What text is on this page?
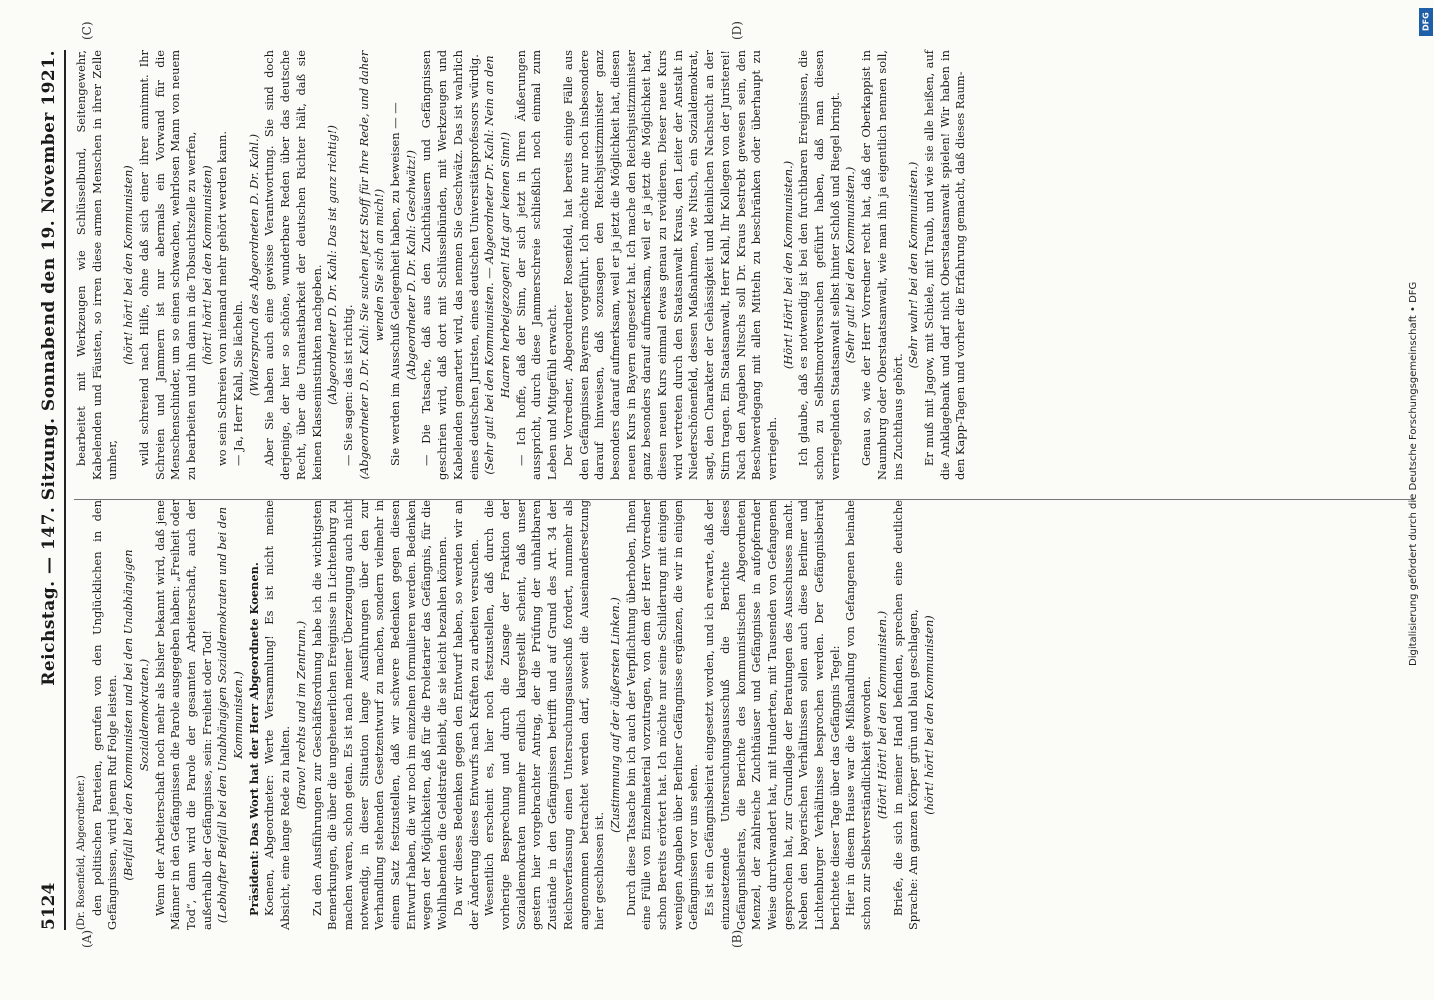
5124
Reichstag. — 147. Sitzung. Sonnabend den 19. November 1921.
(A)	(B)
(C)	(D)

(Dr. Rosenfeld, Abgeordneter.) den politischen Parteien, gerufen von den Unglücklichen in den Gefängnissen, wird jenem Ruf Folge leisten. (Beifall bei den Kommunisten und bei den Unabhängigen Sozialdemokraten.) Wenn der Arbeiterschaft noch mehr als bisher bekannt wird, daß jene Männer in den Gefängnissen die Parole ausgegeben haben: „Freiheit oder Tod“, dann wird die Parole der gesamten Arbeiterschaft, auch der außerhalb der Gefängnisse, sein: Freiheit oder Tod! (Lebhafter Beifall bei den Unabhängigen Sozialdemokraten und bei den Kommunisten.) Präsident: Das Wort hat der Herr Abgeordnete Koenen. Koenen, Abgeordneter: Werte Versammlung! Es ist nicht meine Absicht, eine lange Rede zu halten.

(Bravo! rechts und im Zentrum.) Zu den Ausführungen zur Geschäftsordnung habe ich die wichtigsten Bemerkungen, die über die ungeheuerlichen Ereignisse in Lichtenburg zu machen waren, schon getan. Es ist nach meiner Überzeugung auch nicht notwendig, in dieser Situation lange Ausführungen über den zur Verhandlung stehenden Gesetzentwurf zu machen, sondern vielmehr in einem Satz festzustellen, daß wir schwere Bedenken gegen diesen Entwurf haben, die wir noch im einzelnen formulieren werden. Bedenken wegen der Möglichkeiten, daß für die Proletarier das Gefängnis, für die Wohlhabenden die Geldstrafe bleibt, die sie leicht bezahlen können. Da wir dieses Bedenken gegen den Entwurf haben, so werden wir an der Änderung dieses Entwurfs nach Kräften zu arbeiten versuchen. Wesentlich erscheint es, hier noch festzustellen, daß durch die vorherige Besprechung und durch die Zusage der Fraktion der Sozialdemokraten nunmehr endlich klargestellt scheint, daß unser gestern hier vorgebrachter Antrag, der die Prüfung der unhaltbaren Zustände in den Gefängnissen betrifft und auf Grund des Art. 34 der Reichsverfassung einen Untersuchungsausschuß fordert, nunmehr als angenommen betrachtet werden darf, soweit die Auseinandersetzung hier geschlossen ist.

(Zustimmung auf der äußersten Linken.) Durch diese Tatsache bin ich auch der Verpflichtung überhoben, Ihnen eine Fülle von Einzelmaterial vorzutragen, von dem der Herr Vorredner schon Bereits erörtert hat. Ich möchte nur seine Schilderung mit einigen wenigen Angaben über Berliner Gefängnisse ergänzen, die wir in einigen Gefängnissen vor uns sehen. Es ist ein Gefängnisbeirat eingesetzt worden, und ich erwarte, daß der einzusetzende Untersuchungsausschuß die Berichte dieses Gefängnisbeirats, die Berichte des kommunistischen Abgeordneten Menzel, der zahlreiche Zuchthäuser und Gefängnisse in aufopfernder Weise durchwandert hat, mit Hunderten, mit Tausenden von Gefangenen gesprochen hat, zur Grundlage der Beratungen des Ausschusses macht. Neben den bayerischen Verhältnissen sollen auch diese Berliner und Lichtenburger Verhältnisse besprochen werden. Der Gefängnisbeirat berichtete dieser Tage über das Gefängnis Tegel: Hier in diesem Hause war die Mißhandlung von Gefangenen beinahe schon zur Selbstverständlichkeit geworden. (Hört! Hört! bei den Kommunisten.) Briefe, die sich in meiner Hand befinden, sprechen eine deutliche Sprache: Am ganzen Körper grün und blau geschlagen, (hört! hört! bei den Kommunisten)

bearbeitet mit Werkzeugen wie Schlüsselbund, Seitengewehr, Kabelenden und Fäusten, so irren diese armen Menschen in ihrer Zelle umher,

(hört! hört! bei den Kommunisten) wild schreiend nach Hilfe, ohne daß sich einer ihrer annimmt. Ihr Schreien und Jammern ist nur abermals ein Vorwand für die Menschenschinder, um so einen schwachen, wehrlosen Mann von neuem zu bearbeiten und ihn dann in die Tobsuchtszelle zu werfen, (hört! hört! bei den Kommunisten) wo sein Schreien von niemand mehr gehört werden kann. — Ja, Herr Kahl, Sie lächeln. (Widerspruch des Abgeordneten D. Dr. Kahl.) Aber Sie haben auch eine gewisse Verantwortung. Sie sind doch derjenige, der hier so schöne, wunderbare Reden über das deutsche Recht, über die Unantastbarkeit der deutschen Richter hält, daß sie keinen Klasseninstinkten nachgeben. (Abgeordneter D. Dr. Kahl: Das ist ganz richtig!) — Sie sagen: das ist richtig. (Abgeordneter D. Dr. Kahl: Sie suchen jetzt Stoff für Ihre Rede, und daher wenden Sie sich an mich!) Sie werden im Ausschuß Gelegenheit haben, zu beweisen — — (Abgeordneter D. Dr. Kahl: Geschwätz!) — Die Tatsache, daß aus den Zuchthäusern und Gefängnissen geschrien wird, daß dort mit Schlüsselbünden, mit Werkzeugen und Kabelenden gemartert wird, das nennen Sie Geschwätz. Das ist wahrlich eines deutschen Juristen, eines deutschen Universitätsprofessors würdig. (Sehr gut! bei den Kommunisten. — Abgeordneter Dr. Kahl: Nein an den Haaren herbeigezogen! Hat gar keinen Sinn!) — Ich hoffe, daß der Sinn, der sich jetzt in Ihren Äußerungen ausspricht, durch diese Jammerschreie schließlich noch einmal zum Leben und Mitgefühl erwacht. Der Vorredner, Abgeordneter Rosenfeld, hat bereits einige Fälle aus den Gefängnissen Bayerns vorgeführt. Ich möchte nur noch insbesondere darauf hinweisen, daß sozusagen den Reichsjustizminister ganz besonders darauf aufmerksam, weil er ja jetzt die Möglichkeit hat, diesen neuen Kurs in Bayern eingesetzt hat. Ich mache den Reichsjustizminister ganz besonders darauf aufmerksam, weil er ja jetzt die Möglichkeit hat, diesen neuen Kurs einmal etwas genau zu revidieren. Dieser neue Kurs wird vertreten durch den Staatsanwalt Kraus, den Leiter der Anstalt in Niederschönenfeld, dessen Maßnahmen, wie Nitsch, ein Sozialdemokrat, sagt, den Charakter der Gehässigkeit und kleinlichen Nachsucht an der Stirn tragen. Ein Staatsanwalt, Herr Kahl, Ihr Kollegen von der Juristerei! Nach den Angaben Nitschs soll Dr. Kraus bestrebt gewesen sein, den Beschwerdegang mit allen Mitteln zu beschränken oder überhaupt zu verriegeln.

(Hört! Hört! bei den Kommunisten.) Ich glaube, daß es notwendig ist bei den furchtbaren Ereignissen, die schon zu Selbstmordversuchen geführt haben, daß man diesen verriegelnden Staatsanwalt selbst hinter Schloß und Riegel bringt. (Sehr gut! bei den Kommunisten.) Genau so, wie der Herr Vorredner recht hat, daß der Oberkappist in Naumburg oder Oberstaatsanwalt, wie man ihn ja eigentlich nennen soll, ins Zuchthaus gehört.

(Sehr wahr! bei den Kommunisten.) Er muß mit Jagow, mit Schiele, mit Traub, und wie sie alle heißen, auf die Anklagebank und darf nicht Oberstaatsanwalt spielen! Wir haben in den Kapp-Tagen und vorher die Erfahrung gemacht, daß dieses Raum-	Digitalisierung gefördert durch die Deutsche Forschungsgemeinschaft • DFG
DFG
